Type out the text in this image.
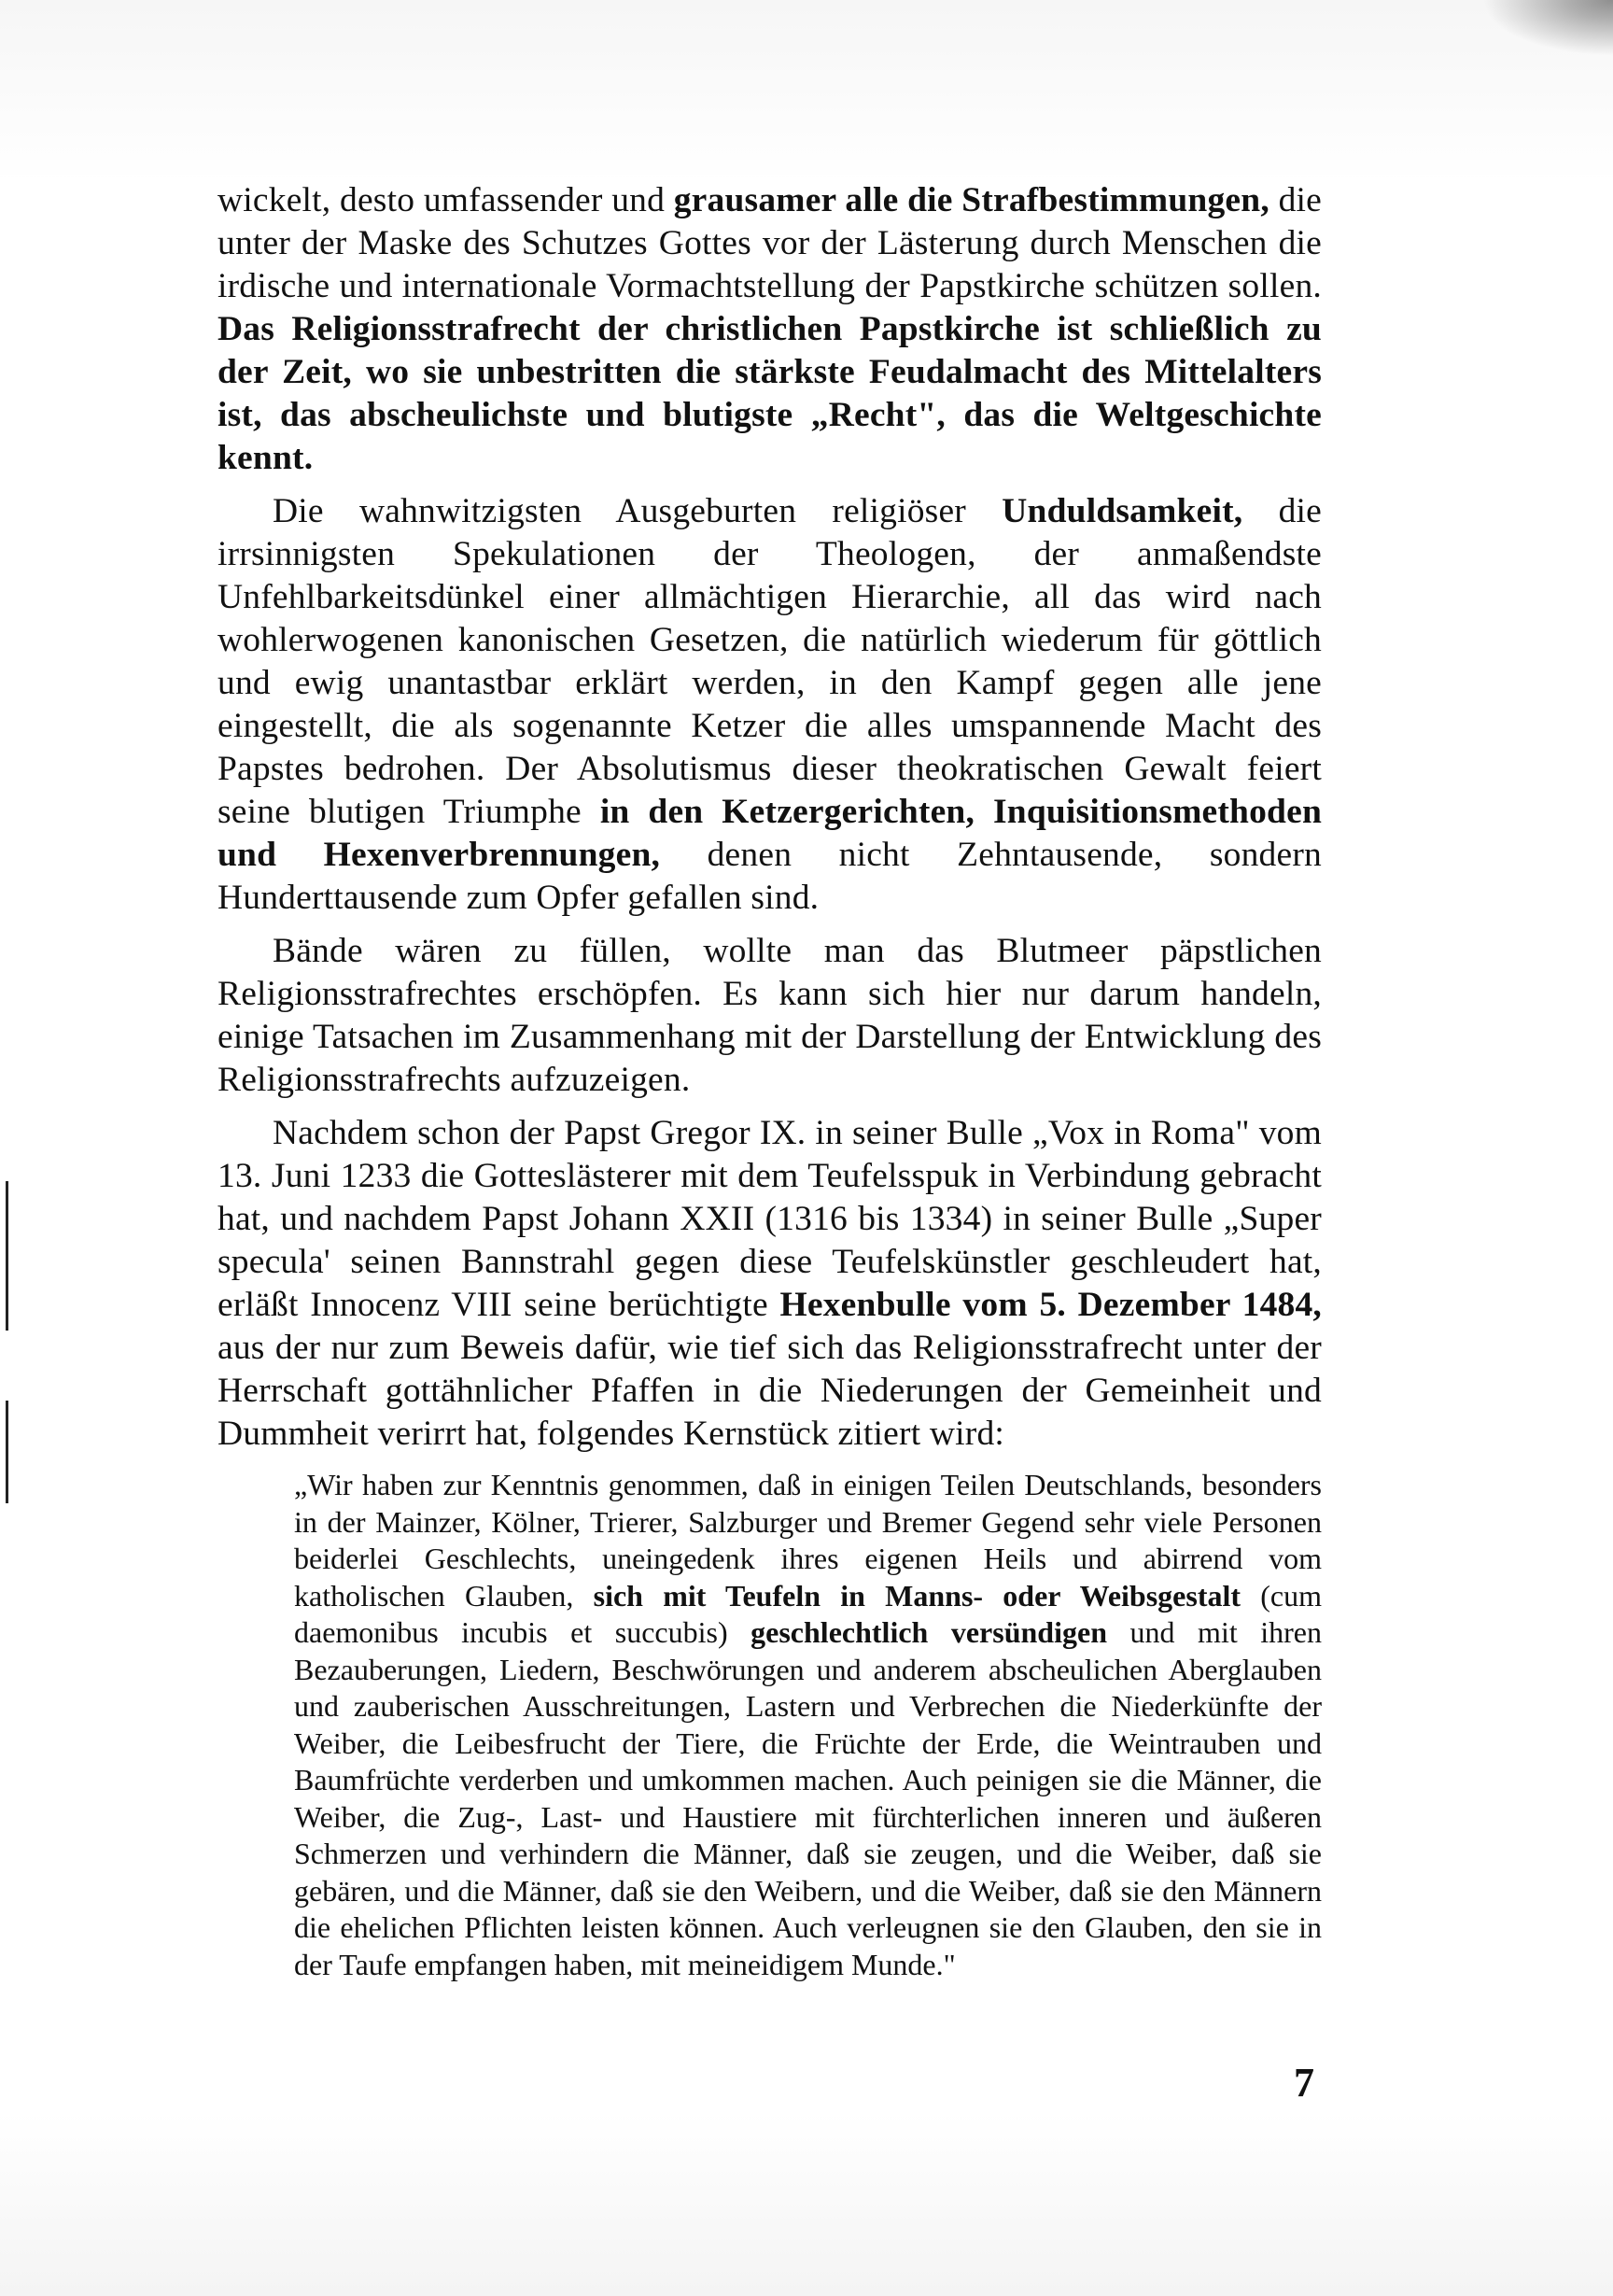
wickelt, desto umfassender und grausamer alle die Strafbestimmungen, die unter der Maske des Schutzes Gottes vor der Lästerung durch Menschen die irdische und internationale Vormachtstellung der Papstkirche schützen sollen. Das Religionsstrafrecht der christlichen Papstkirche ist schließlich zu der Zeit, wo sie unbestritten die stärkste Feudalmacht des Mittelalters ist, das abscheulichste und blutigste „Recht", das die Weltgeschichte kennt.

Die wahnwitzigsten Ausgeburten religiöser Unduldsamkeit, die irrsinnigsten Spekulationen der Theologen, der anmaßendste Unfehlbarkeitsdünkel einer allmächtigen Hierarchie, all das wird nach wohlerwogenen kanonischen Gesetzen, die natürlich wiederum für göttlich und ewig unantastbar erklärt werden, in den Kampf gegen alle jene eingestellt, die als sogenannte Ketzer die alles umspannende Macht des Papstes bedrohen. Der Absolutismus dieser theokratischen Gewalt feiert seine blutigen Triumphe in den Ketzergerichten, Inquisitionsmethoden und Hexenverbrennungen, denen nicht Zehntausende, sondern Hunderttausende zum Opfer gefallen sind.

Bände wären zu füllen, wollte man das Blutmeer päpstlichen Religionsstrafrechtes erschöpfen. Es kann sich hier nur darum handeln, einige Tatsachen im Zusammenhang mit der Darstellung der Entwicklung des Religionsstrafrechts aufzuzeigen.

Nachdem schon der Papst Gregor IX. in seiner Bulle „Vox in Roma" vom 13. Juni 1233 die Gotteslästerer mit dem Teufelsspuk in Verbindung gebracht hat, und nachdem Papst Johann XXII (1316 bis 1334) in seiner Bulle „Super specula' seinen Bannstrahl gegen diese Teufelskünstler geschleudert hat, erläßt Innocenz VIII seine berüchtigte Hexenbulle vom 5. Dezember 1484, aus der nur zum Beweis dafür, wie tief sich das Religionsstrafrecht unter der Herrschaft gottähnlicher Pfaffen in die Niederungen der Gemeinheit und Dummheit verirrt hat, folgendes Kernstück zitiert wird:

„Wir haben zur Kenntnis genommen, daß in einigen Teilen Deutschlands, besonders in der Mainzer, Kölner, Trierer, Salzburger und Bremer Gegend sehr viele Personen beiderlei Geschlechts, uneingedenk ihres eigenen Heils und abirrend vom katholischen Glauben, sich mit Teufeln in Manns- oder Weibsgestalt (cum daemonibus incubis et succubis) geschlechtlich versündigen und mit ihren Bezauberungen, Liedern, Beschwörungen und anderem abscheulichen Aberglauben und zauberischen Ausschreitungen, Lastern und Verbrechen die Niederkünfte der Weiber, die Leibesfrucht der Tiere, die Früchte der Erde, die Weintrauben und Baumfrüchte verderben und umkommen machen. Auch peinigen sie die Männer, die Weiber, die Zug-, Last- und Haustiere mit fürchterlichen inneren und äußeren Schmerzen und verhindern die Männer, daß sie zeugen, und die Weiber, daß sie gebären, und die Männer, daß sie den Weibern, und die Weiber, daß sie den Männern die ehelichen Pflichten leisten können. Auch verleugnen sie den Glauben, den sie in der Taufe empfangen haben, mit meineidigem Munde."

7
